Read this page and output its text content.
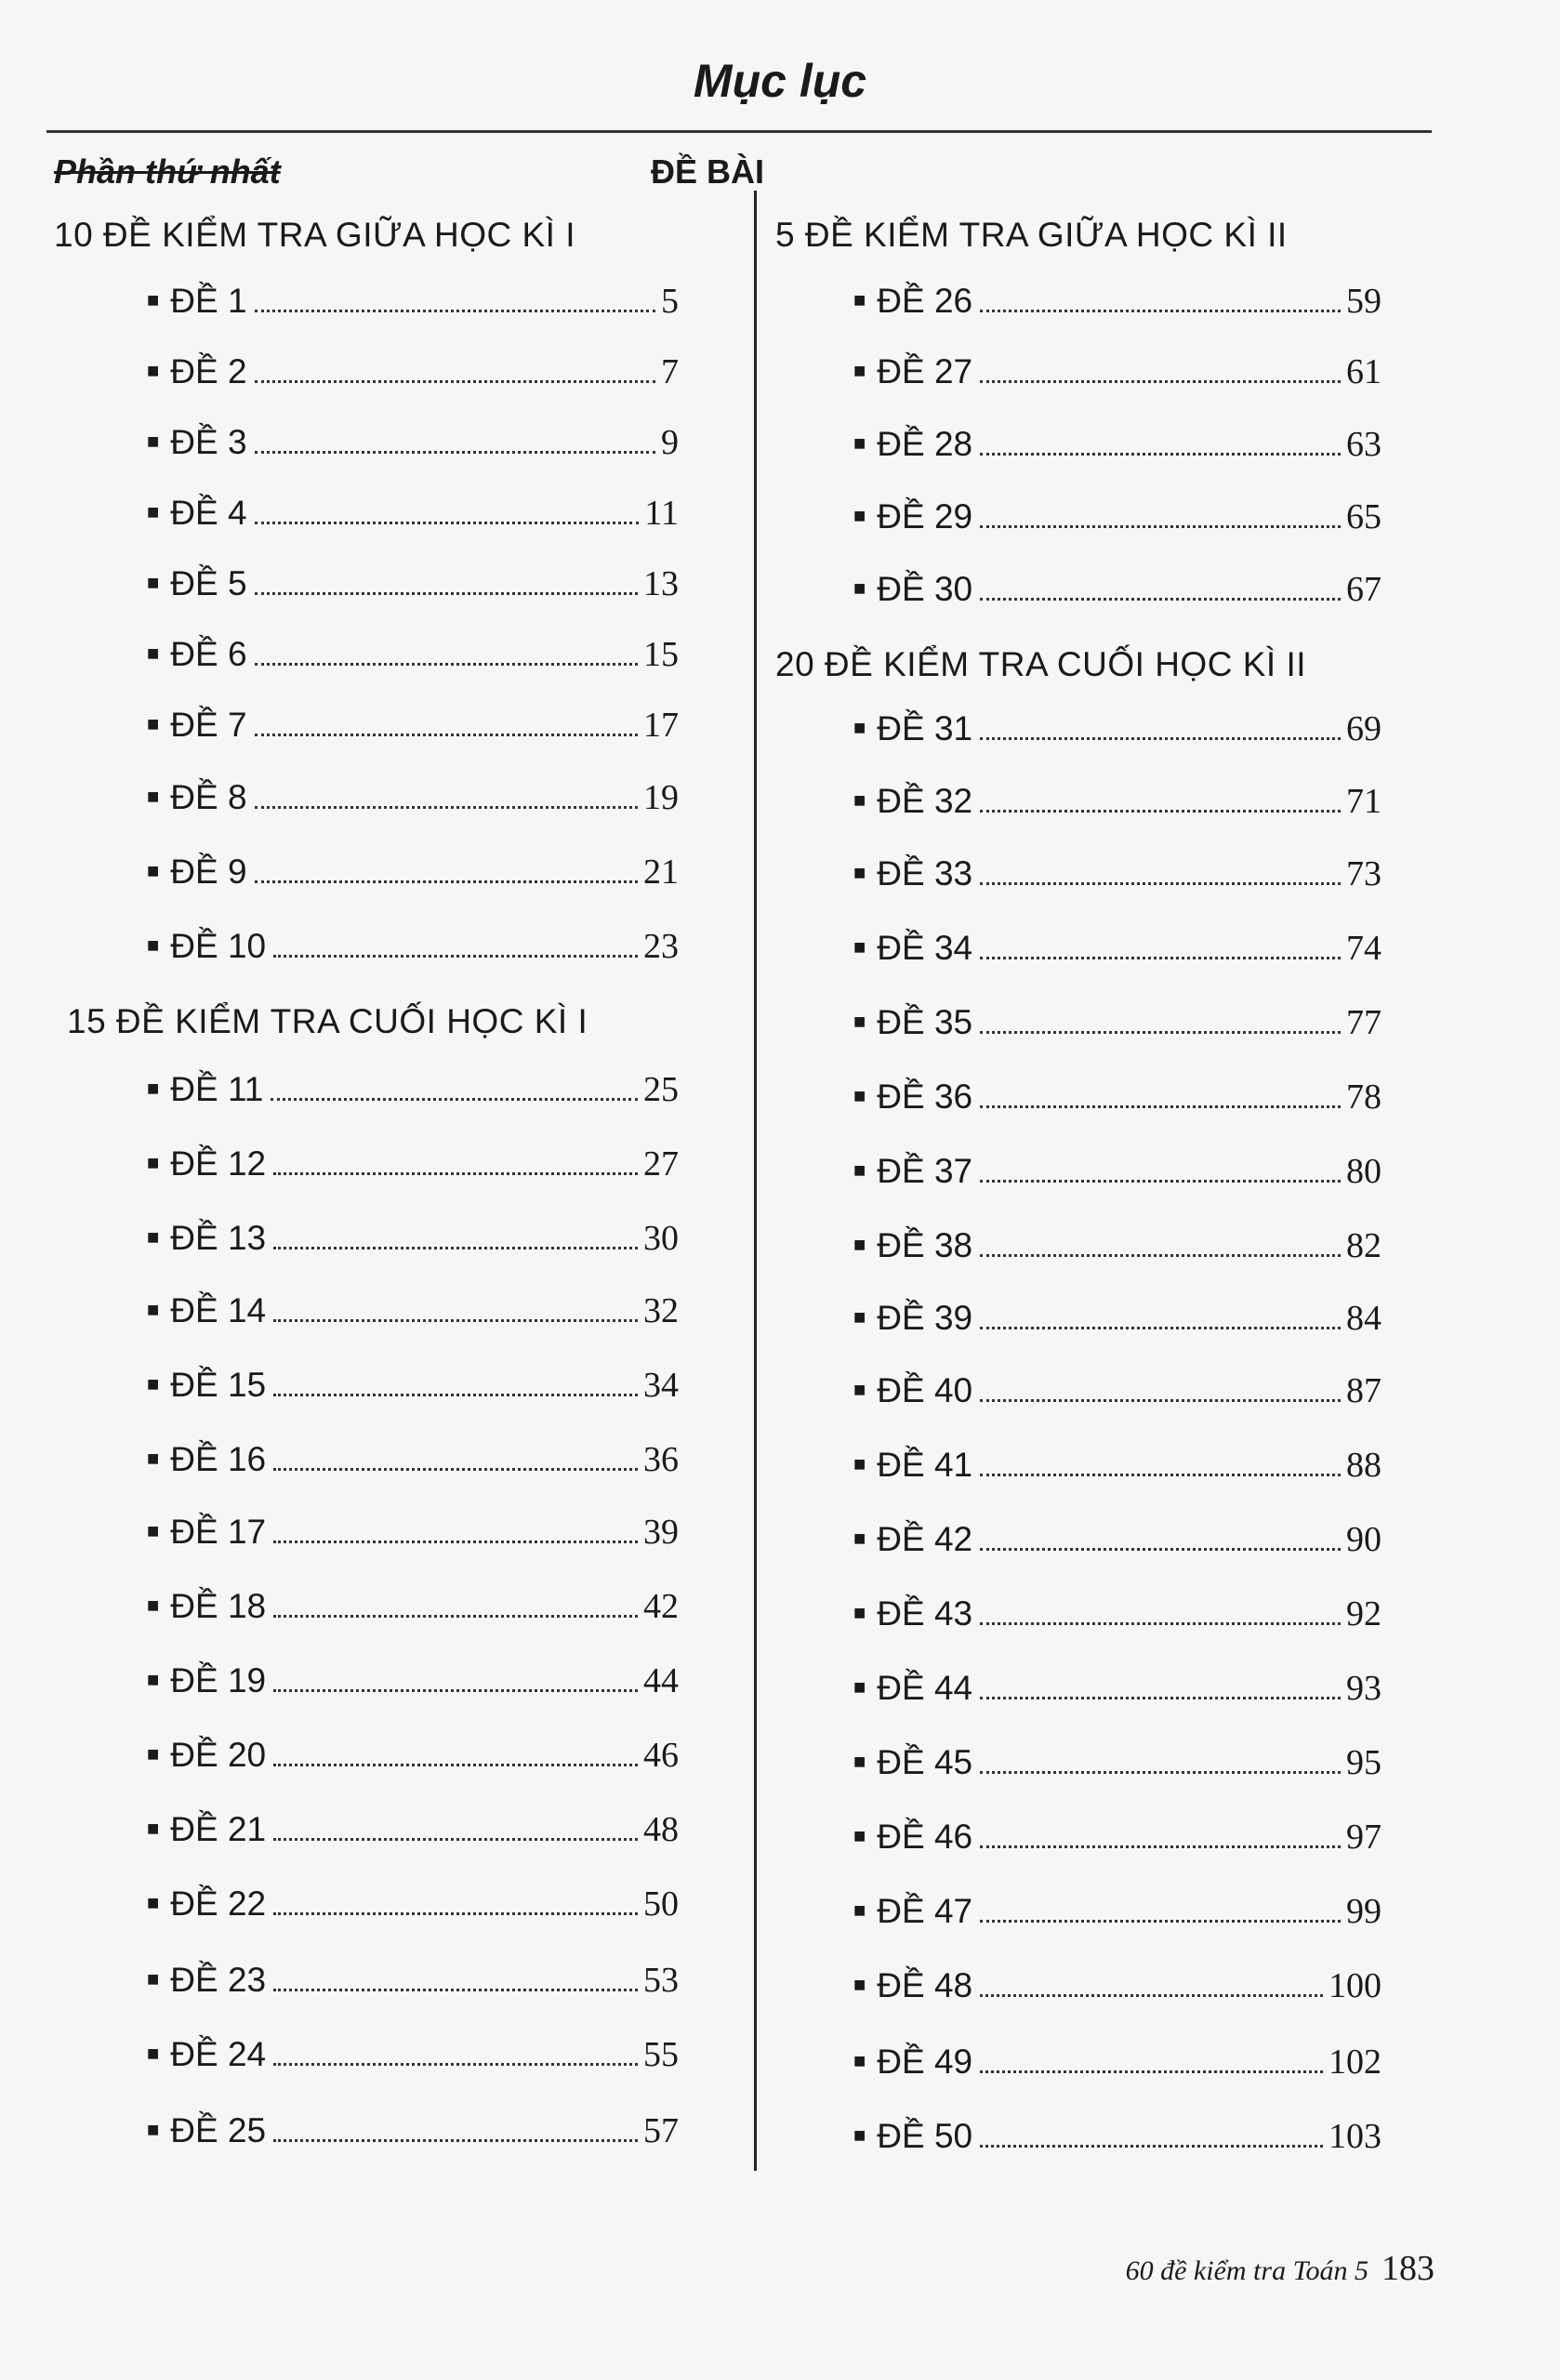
Mục lục
Phần thứ nhất	ĐỀ BÀI
10 ĐỀ KIỂM TRA GIỮA HỌC KÌ I
■ ĐỀ 1	5
■ ĐỀ 2	7
■ ĐỀ 3	9
■ ĐỀ 4	11
■ ĐỀ 5	13
■ ĐỀ 6	15
■ ĐỀ 7	17
■ ĐỀ 8	19
■ ĐỀ 9	21
■ ĐỀ 10	23
15 ĐỀ KIỂM TRA CUỐI HỌC KÌ I
■ ĐỀ 11	25
■ ĐỀ 12	27
■ ĐỀ 13	30
■ ĐỀ 14	32
■ ĐỀ 15	34
■ ĐỀ 16	36
■ ĐỀ 17	39
■ ĐỀ 18	42
■ ĐỀ 19	44
■ ĐỀ 20	46
■ ĐỀ 21	48
■ ĐỀ 22	50
■ ĐỀ 23	53
■ ĐỀ 24	55
■ ĐỀ 25	57
5 ĐỀ KIỂM TRA GIỮA HỌC KÌ II
■ ĐỀ 26	59
■ ĐỀ 27	61
■ ĐỀ 28	63
■ ĐỀ 29	65
■ ĐỀ 30	67
20 ĐỀ KIỂM TRA CUỐI HỌC KÌ II
■ ĐỀ 31	69
■ ĐỀ 32	71
■ ĐỀ 33	73
■ ĐỀ 34	74
■ ĐỀ 35	77
■ ĐỀ 36	78
■ ĐỀ 37	80
■ ĐỀ 38	82
■ ĐỀ 39	84
■ ĐỀ 40	87
■ ĐỀ 41	88
■ ĐỀ 42	90
■ ĐỀ 43	92
■ ĐỀ 44	93
■ ĐỀ 45	95
■ ĐỀ 46	97
■ ĐỀ 47	99
■ ĐỀ 48	100
■ ĐỀ 49	102
■ ĐỀ 50	103
60 đề kiểm tra Toán 5 183
